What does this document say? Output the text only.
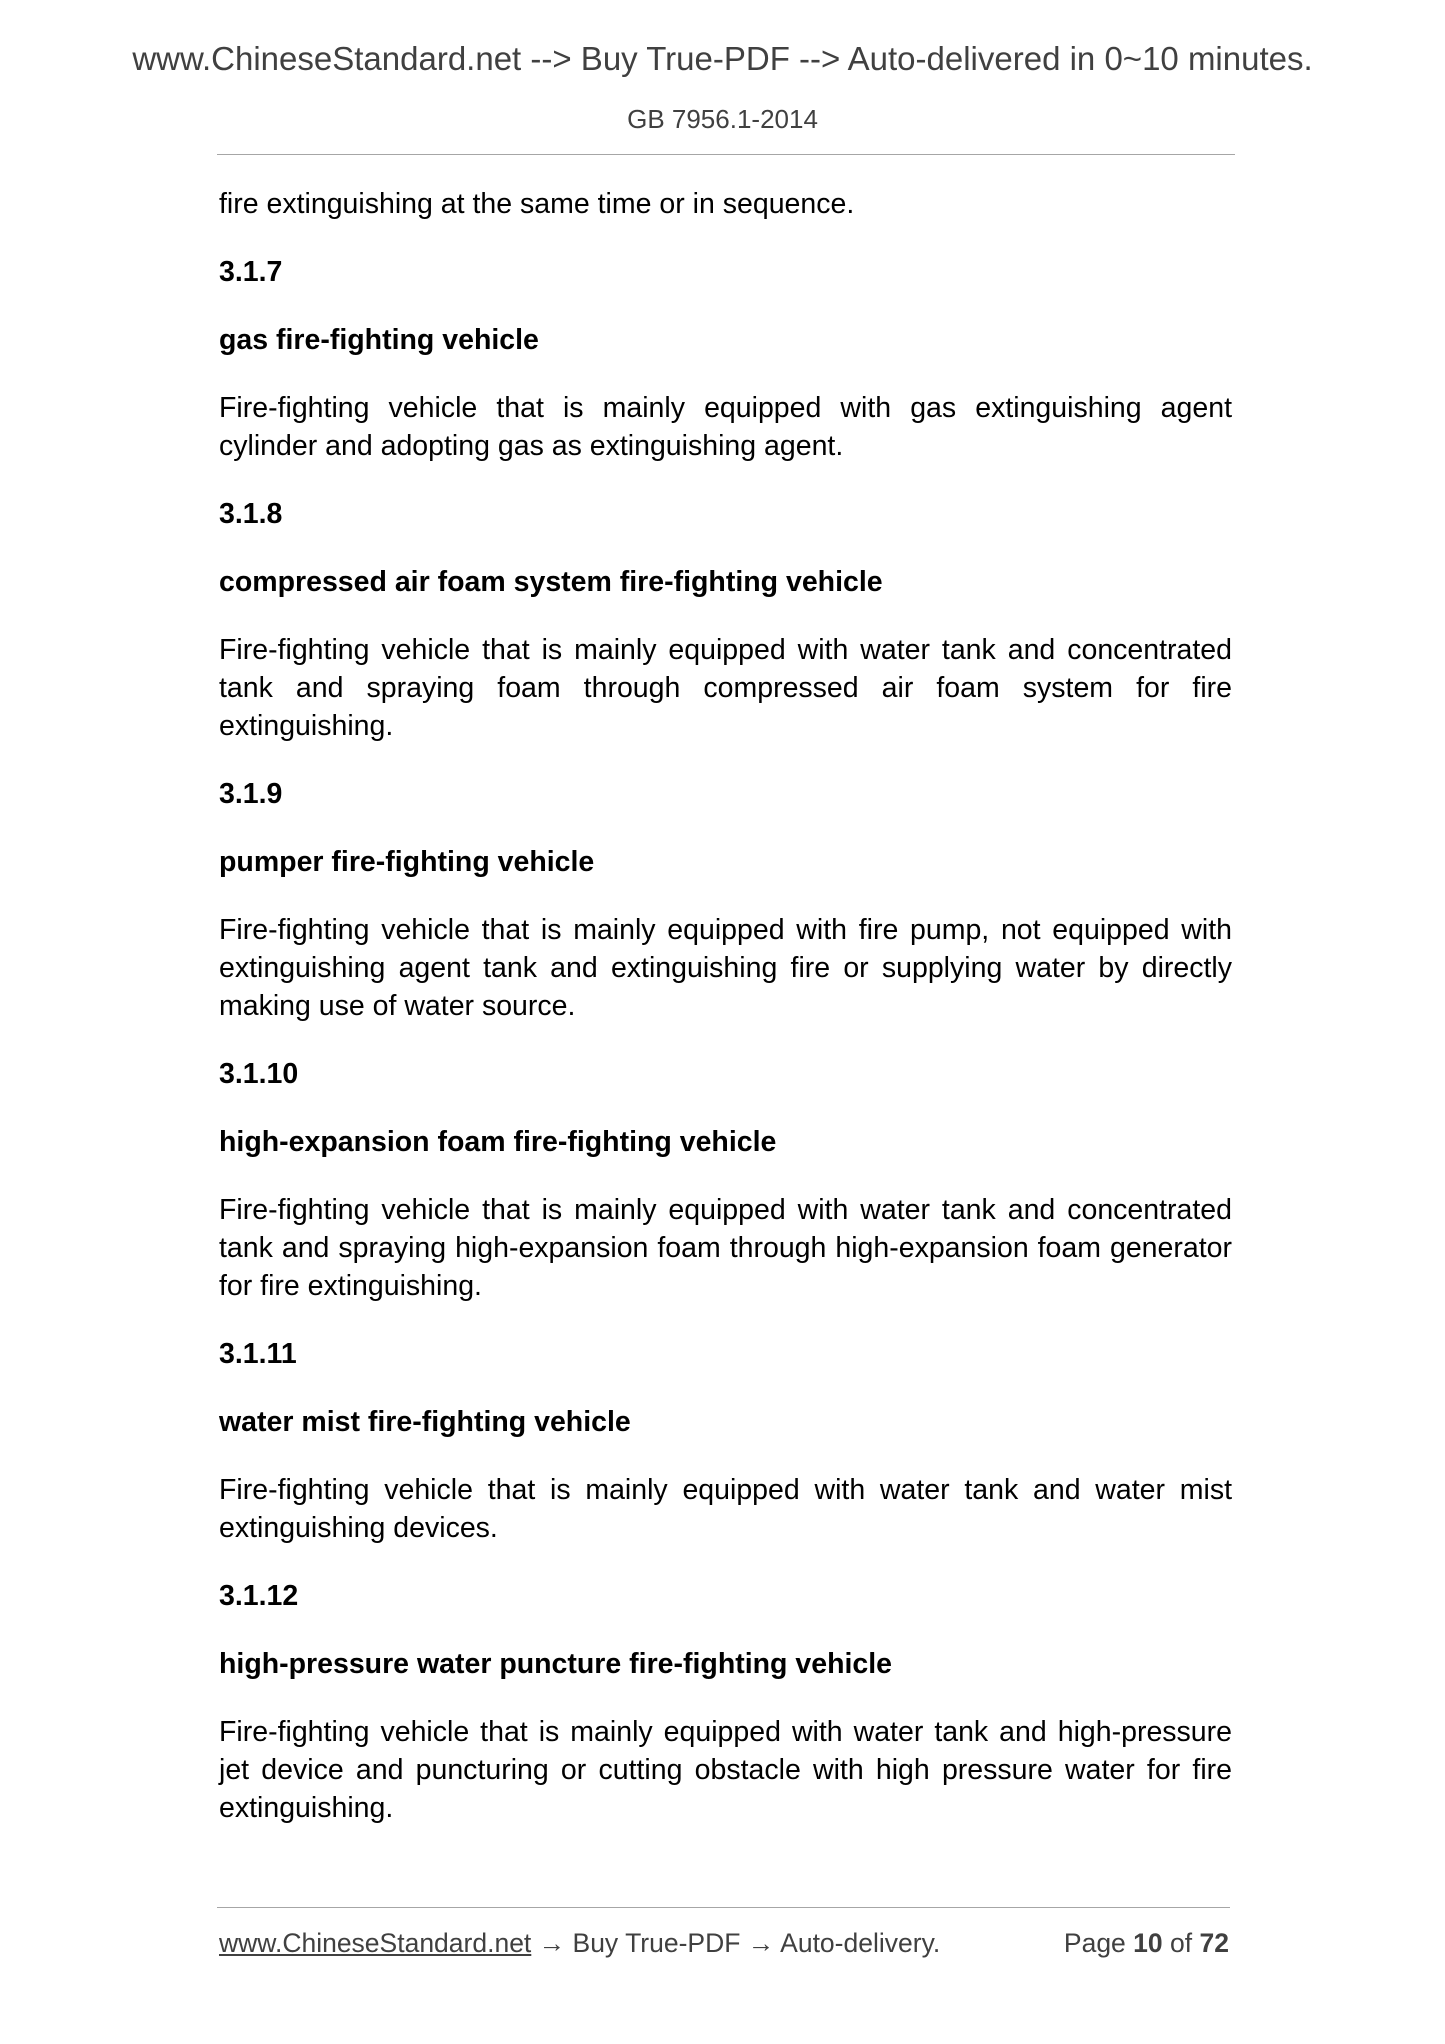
www.ChineseStandard.net --> Buy True-PDF --> Auto-delivered in 0~10 minutes.
GB 7956.1-2014

fire extinguishing at the same time or in sequence.

3.1.7

gas fire-fighting vehicle

Fire-fighting vehicle that is mainly equipped with gas extinguishing agent cylinder and adopting gas as extinguishing agent.

3.1.8

compressed air foam system fire-fighting vehicle

Fire-fighting vehicle that is mainly equipped with water tank and concentrated tank and spraying foam through compressed air foam system for fire extinguishing.

3.1.9

pumper fire-fighting vehicle

Fire-fighting vehicle that is mainly equipped with fire pump, not equipped with extinguishing agent tank and extinguishing fire or supplying water by directly making use of water source.

3.1.10

high-expansion foam fire-fighting vehicle

Fire-fighting vehicle that is mainly equipped with water tank and concentrated tank and spraying high-expansion foam through high-expansion foam generator for fire extinguishing.

3.1.11

water mist fire-fighting vehicle

Fire-fighting vehicle that is mainly equipped with water tank and water mist extinguishing devices.

3.1.12

high-pressure water puncture fire-fighting vehicle

Fire-fighting vehicle that is mainly equipped with water tank and high-pressure jet device and puncturing or cutting obstacle with high pressure water for fire extinguishing.

www.ChineseStandard.net → Buy True-PDF → Auto-delivery.	Page 10 of 72
